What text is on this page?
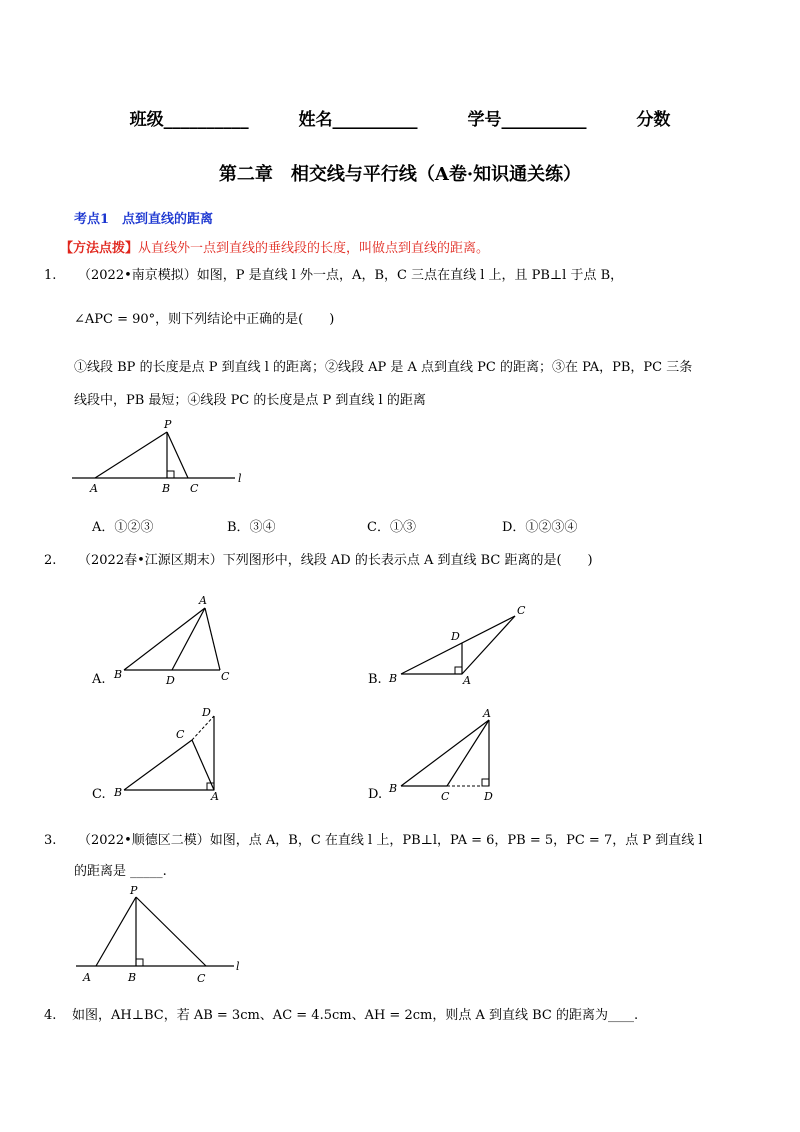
班级__________	姓名__________	学号__________	分数
第二章　相交线与平行线（A卷·知识通关练）
考点1　点到直线的距离
【方法点拨】从直线外一点到直线的垂线段的长度，叫做点到直线的距离。
1. （2022•南京模拟）如图，P 是直线 l 外一点，A，B，C 三点在直线 l 上，且 PB⊥l 于点 B，
∠APC = 90°，则下列结论中正确的是(　　)
①线段 BP 的长度是点 P 到直线 l 的距离；②线段 AP 是 A 点到直线 PC 的距离；③在 PA，PB，PC 三条
线段中，PB 最短；④线段 PC 的长度是点 P 到直线 l 的距离
P
A	B C
l
A．①②③	B．③④	C．①③	D．①②③④
2. （2022春•江源区期末）下列图形中，线段 AD 的长表示点 A 到直线 BC 距离的是(　　)
A.
A
B	D	C	B.
C
D
B	A
C.
D
C
B	A	D.
A
B
C	D
3. （2022•顺德区二模）如图，点 A，B，C 在直线 l 上，PB⊥l，PA = 6，PB = 5，PC = 7，点 P 到直线 l
的距离是 _____.
P
A	B	C
l
4. 如图，AH⊥BC，若 AB = 3cm、AC = 4.5cm、AH = 2cm，则点 A 到直线 BC 的距离为____.
